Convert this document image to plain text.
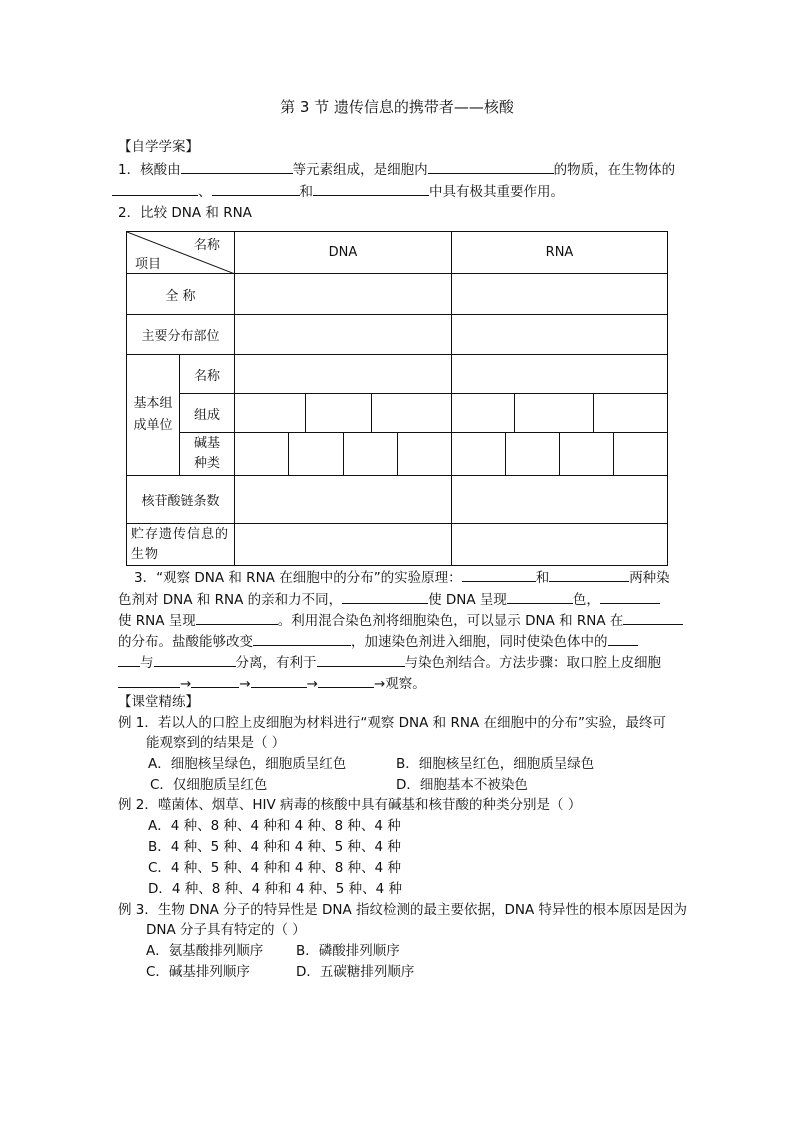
第 3 节 遗传信息的携带者——核酸
【自学学案】
1．核酸由	等元素组成，是细胞内	的物质，在生物体的
、	和	中具有极其重要作用。
2．比较 DNA 和 RNA
名称
项目		DNA	RNA
全 称			
主要分布部位			
基本组成单位	名称		
	组成	

	碱基种类	

核苷酸链条数			
贮存遗传信息的生物			
3．“观察 DNA 和 RNA 在细胞中的分布”的实验原理：	和	两种染
色剂对 DNA 和 RNA 的亲和力不同，	使 DNA 呈现	色，
使 RNA 呈现	。利用混合染色剂将细胞染色，可以显示 DNA 和 RNA 在
的分布。盐酸能够改变	，加速染色剂进入细胞，同时使染色体中的
与	分离，有利于	与染色剂结合。方法步骤：取口腔上皮细胞
→	→	→	→观察。
【课堂精练】
例 1．若以人的口腔上皮细胞为材料进行“观察 DNA 和 RNA 在细胞中的分布”实验，最终可
能观察到的结果是（ ）
A．细胞核呈绿色，细胞质呈红色	B．细胞核呈红色，细胞质呈绿色
C．仅细胞质呈红色	D．细胞基本不被染色
例 2．噬菌体、烟草、HIV 病毒的核酸中具有碱基和核苷酸的种类分别是（ ）
A．4 种、8 种、4 种和 4 种、8 种、4 种
B．4 种、5 种、4 种和 4 种、5 种、4 种
C．4 种、5 种、4 种和 4 种、8 种、4 种
D．4 种、8 种、4 种和 4 种、5 种、4 种
例 3．生物 DNA 分子的特异性是 DNA 指纹检测的最主要依据，DNA 特异性的根本原因是因为
DNA 分子具有特定的（ ）
A．氨基酸排列顺序 B．磷酸排列顺序
C．碱基排列顺序	D．五碳糖排列顺序
